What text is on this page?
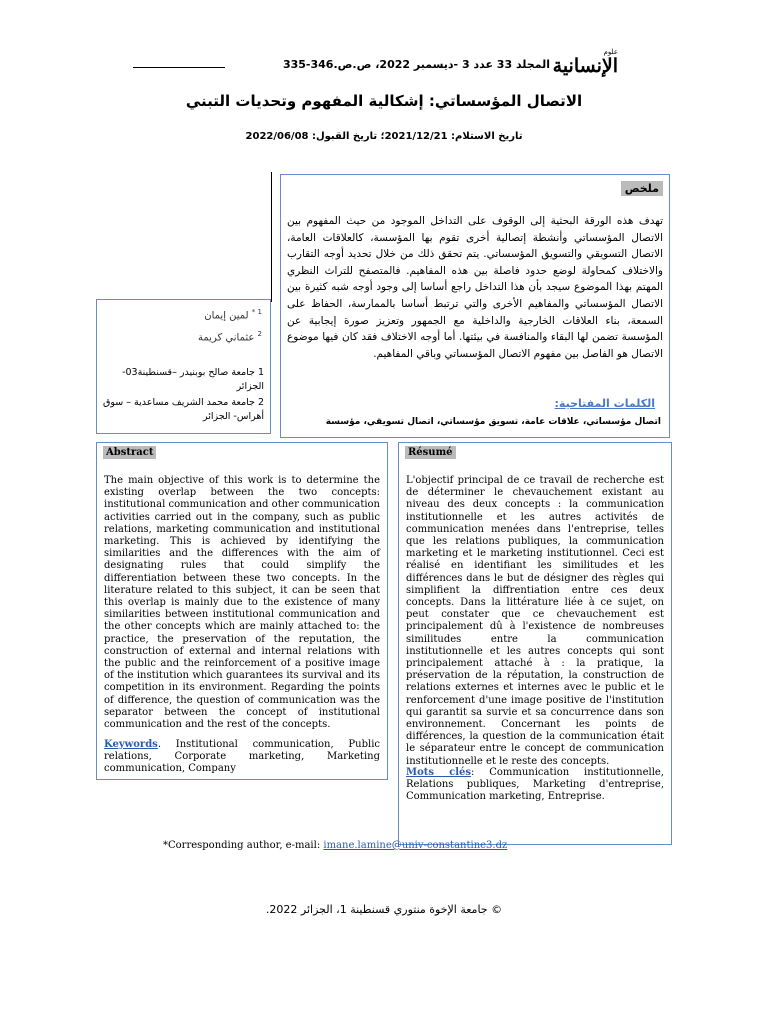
المجلد 33 عدد 3 -ديسمبر 2022، ص.ص.346-335
علوم
الإنسانية
الاتصال المؤسساتي: إشكالية المفهوم وتحديات التبني
تاريخ الاستلام: 2021/12/21؛ تاريخ القبول: 2022/06/08
ملخص
تهدف هذه الورقة البحثية إلى الوقوف على التداخل الموجود من حيث المفهوم بين الاتصال المؤسساتي وأنشطة إتصالية أخرى تقوم بها المؤسسة، كالعلاقات العامة، الاتصال التسويقي والتسويق المؤسساتي. يتم تحقق ذلك من خلال تحديد أوجه التقارب والاختلاف كمحاولة لوضع حدود فاصلة بين هذه المفاهيم. فالمتصفح للتراث النظري المهتم بهذا الموضوع سيجد بأن هذا التداخل راجع أساسا إلى وجود أوجه شبه كثيرة بين الاتصال المؤسساتي والمفاهيم الأخرى والتي ترتبط أساسا بالممارسة، الحفاظ على السمعة، بناء العلاقات الخارجية والداخلية مع الجمهور وتعزيز صورة إيجابية عن المؤسسة تضمن لها البقاء والمنافسة في بيئتها. أما أوجه الاختلاف فقد كان فيها موضوع الاتصال هو الفاصل بين مفهوم الاتصال المؤسساتي وباقي المفاهيم.
الكلمات المفتاحية:
اتصال مؤسساتي، علاقات عامة، تسويق مؤسساتي، اتصال تسويقي، مؤسسة
$^{1 *}$ لمين إيمان
$^2$ عثماني كريمة
1 جامعة صالح بوبنيدر –قسنطينة03- الجزائر
2 جامعة محمد الشريف مساعدية – سوق أهراس- الجزائر
Abstract
The main objective of this work is to determine the existing overlap between the two concepts: institutional communication and other communication activities carried out in the company, such as public relations, marketing communication and institutional marketing. This is achieved by identifying the similarities and the differences with the aim of designating rules that could simplify the differentiation between these two concepts. In the literature related to this subject, it can be seen that this overlap is mainly due to the existence of many similarities between institutional communication and the other concepts which are mainly attached to: the practice, the preservation of the reputation, the construction of external and internal relations with the public and the reinforcement of a positive image of the institution which guarantees its survival and its competition in its environment. Regarding the points of difference, the question of communication was the separator between the concept of institutional communication and the rest of the concepts.
Keywords. Institutional communication, Public relations, Corporate marketing, Marketing communication, Company
Résumé
L'objectif principal de ce travail de recherche est de déterminer le chevauchement existant au niveau des deux concepts : la communication institutionnelle et les autres activités de communication menées dans l'entreprise, telles que les relations publiques, la communication marketing et le marketing institutionnel. Ceci est réalisé en identifiant les similitudes et les différences dans le but de désigner des règles qui simplifient la diffrentiation entre ces deux concepts. Dans la littérature liée à ce sujet, on peut constater que ce chevauchement est principalement dû à l'existence de nombreuses similitudes entre la communication institutionnelle et les autres concepts qui sont principalement attaché à : la pratique, la préservation de la réputation, la construction de relations externes et internes avec le public et le renforcement d'une image positive de l'institution qui garantit sa survie et sa concurrence dans son environnement. Concernant les points de différences, la question de la communication était le séparateur entre le concept de communication institutionnelle et le reste des concepts.
Mots clés: Communication institutionnelle, Relations publiques, Marketing d'entreprise, Communication marketing, Entreprise.
*Corresponding author, e-mail: imane.lamine@univ-constantine3.dz
© جامعة الإخوة منتوري قسنطينة 1، الجزائر 2022.
